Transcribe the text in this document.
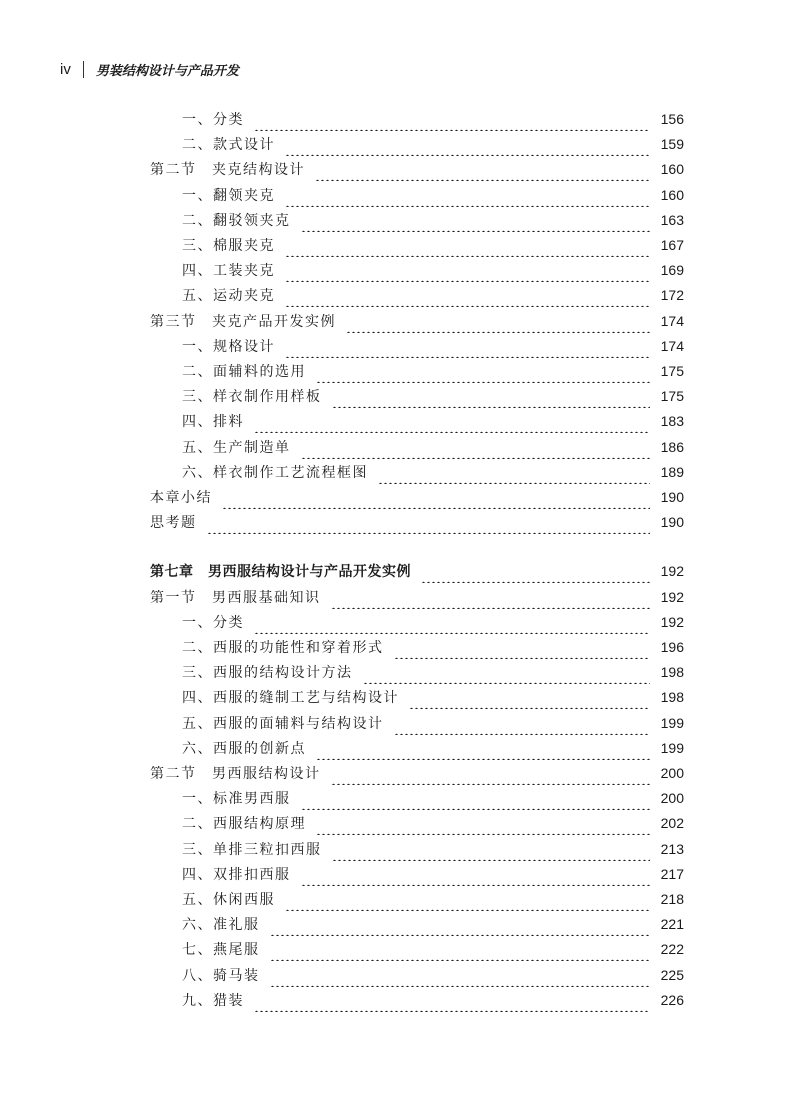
iv 男装结构设计与产品开发
一、分类	156
二、款式设计	159
第二节　夹克结构设计	160
一、翻领夹克	160
二、翻驳领夹克	163
三、棉服夹克	167
四、工装夹克	169
五、运动夹克	172
第三节　夹克产品开发实例	174
一、规格设计	174
二、面辅料的选用	175
三、样衣制作用样板	175
四、排料	183
五、生产制造单	186
六、样衣制作工艺流程框图	189
本章小结	190
思考题	190
第七章　男西服结构设计与产品开发实例	192
第一节　男西服基础知识	192
一、分类	192
二、西服的功能性和穿着形式	196
三、西服的结构设计方法	198
四、西服的缝制工艺与结构设计	198
五、西服的面辅料与结构设计	199
六、西服的创新点	199
第二节　男西服结构设计	200
一、标准男西服	200
二、西服结构原理	202
三、单排三粒扣西服	213
四、双排扣西服	217
五、休闲西服	218
六、准礼服	221
七、燕尾服	222
八、骑马装	225
九、猎装	226
